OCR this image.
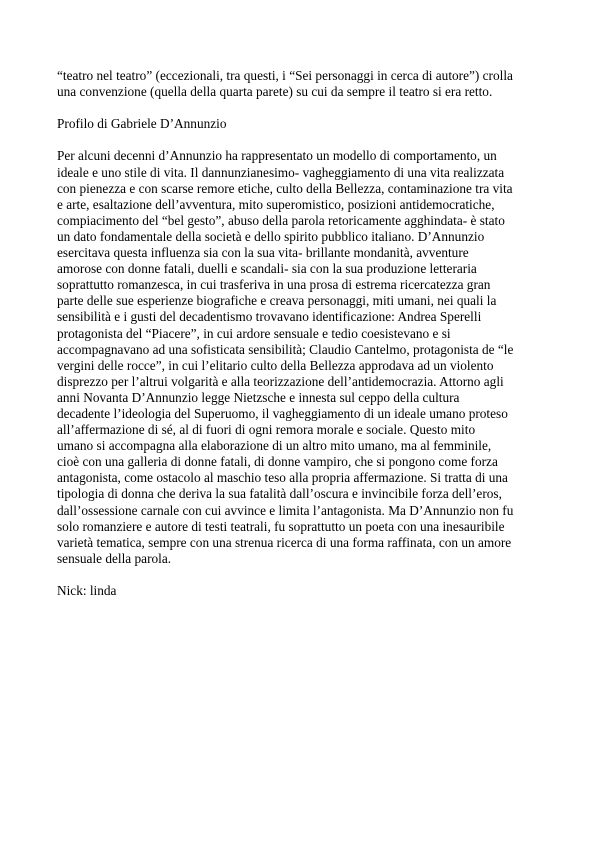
“teatro nel teatro” (eccezionali, tra questi, i “Sei personaggi in cerca di autore”) crolla
una convenzione (quella della quarta parete) su cui da sempre il teatro si era retto.
Profilo di Gabriele D’Annunzio
Per alcuni decenni d’Annunzio ha rappresentato un modello di comportamento, un
ideale e uno stile di vita. Il dannunzianesimo- vagheggiamento di una vita realizzata
con pienezza e con scarse remore etiche, culto della Bellezza, contaminazione tra vita
e arte, esaltazione dell’avventura, mito superomistico, posizioni antidemocratiche,
compiacimento del “bel gesto”, abuso della parola retoricamente agghindata- è stato
un dato fondamentale della società e dello spirito pubblico italiano. D’Annunzio
esercitava questa influenza sia con la sua vita- brillante mondanità, avventure
amorose con donne fatali, duelli e scandali- sia con la sua produzione letteraria
soprattutto romanzesca, in cui trasferiva in una prosa di estrema ricercatezza gran
parte delle sue esperienze biografiche e creava personaggi, miti umani, nei quali la
sensibilità e i gusti del decadentismo trovavano identificazione: Andrea Sperelli
protagonista del “Piacere”, in cui ardore sensuale e tedio coesistevano e si
accompagnavano ad una sofisticata sensibilità; Claudio Cantelmo, protagonista de “le
vergini delle rocce”, in cui l’elitario culto della Bellezza approdava ad un violento
disprezzo per l’altrui volgarità e alla teorizzazione dell’antidemocrazia. Attorno agli
anni Novanta D’Annunzio legge Nietzsche e innesta sul ceppo della cultura
decadente l’ideologia del Superuomo, il vagheggiamento di un ideale umano proteso
all’affermazione di sé, al di fuori di ogni remora morale e sociale. Questo mito
umano si accompagna alla elaborazione di un altro mito umano, ma al femminile,
cioè con una galleria di donne fatali, di donne vampiro, che si pongono come forza
antagonista, come ostacolo al maschio teso alla propria affermazione. Si tratta di una
tipologia di donna che deriva la sua fatalità dall’oscura e invincibile forza dell’eros,
dall’ossessione carnale con cui avvince e limita l’antagonista. Ma D’Annunzio non fu
solo romanziere e autore di testi teatrali, fu soprattutto un poeta con una inesauribile
varietà tematica, sempre con una strenua ricerca di una forma raffinata, con un amore
sensuale della parola.
Nick: linda
